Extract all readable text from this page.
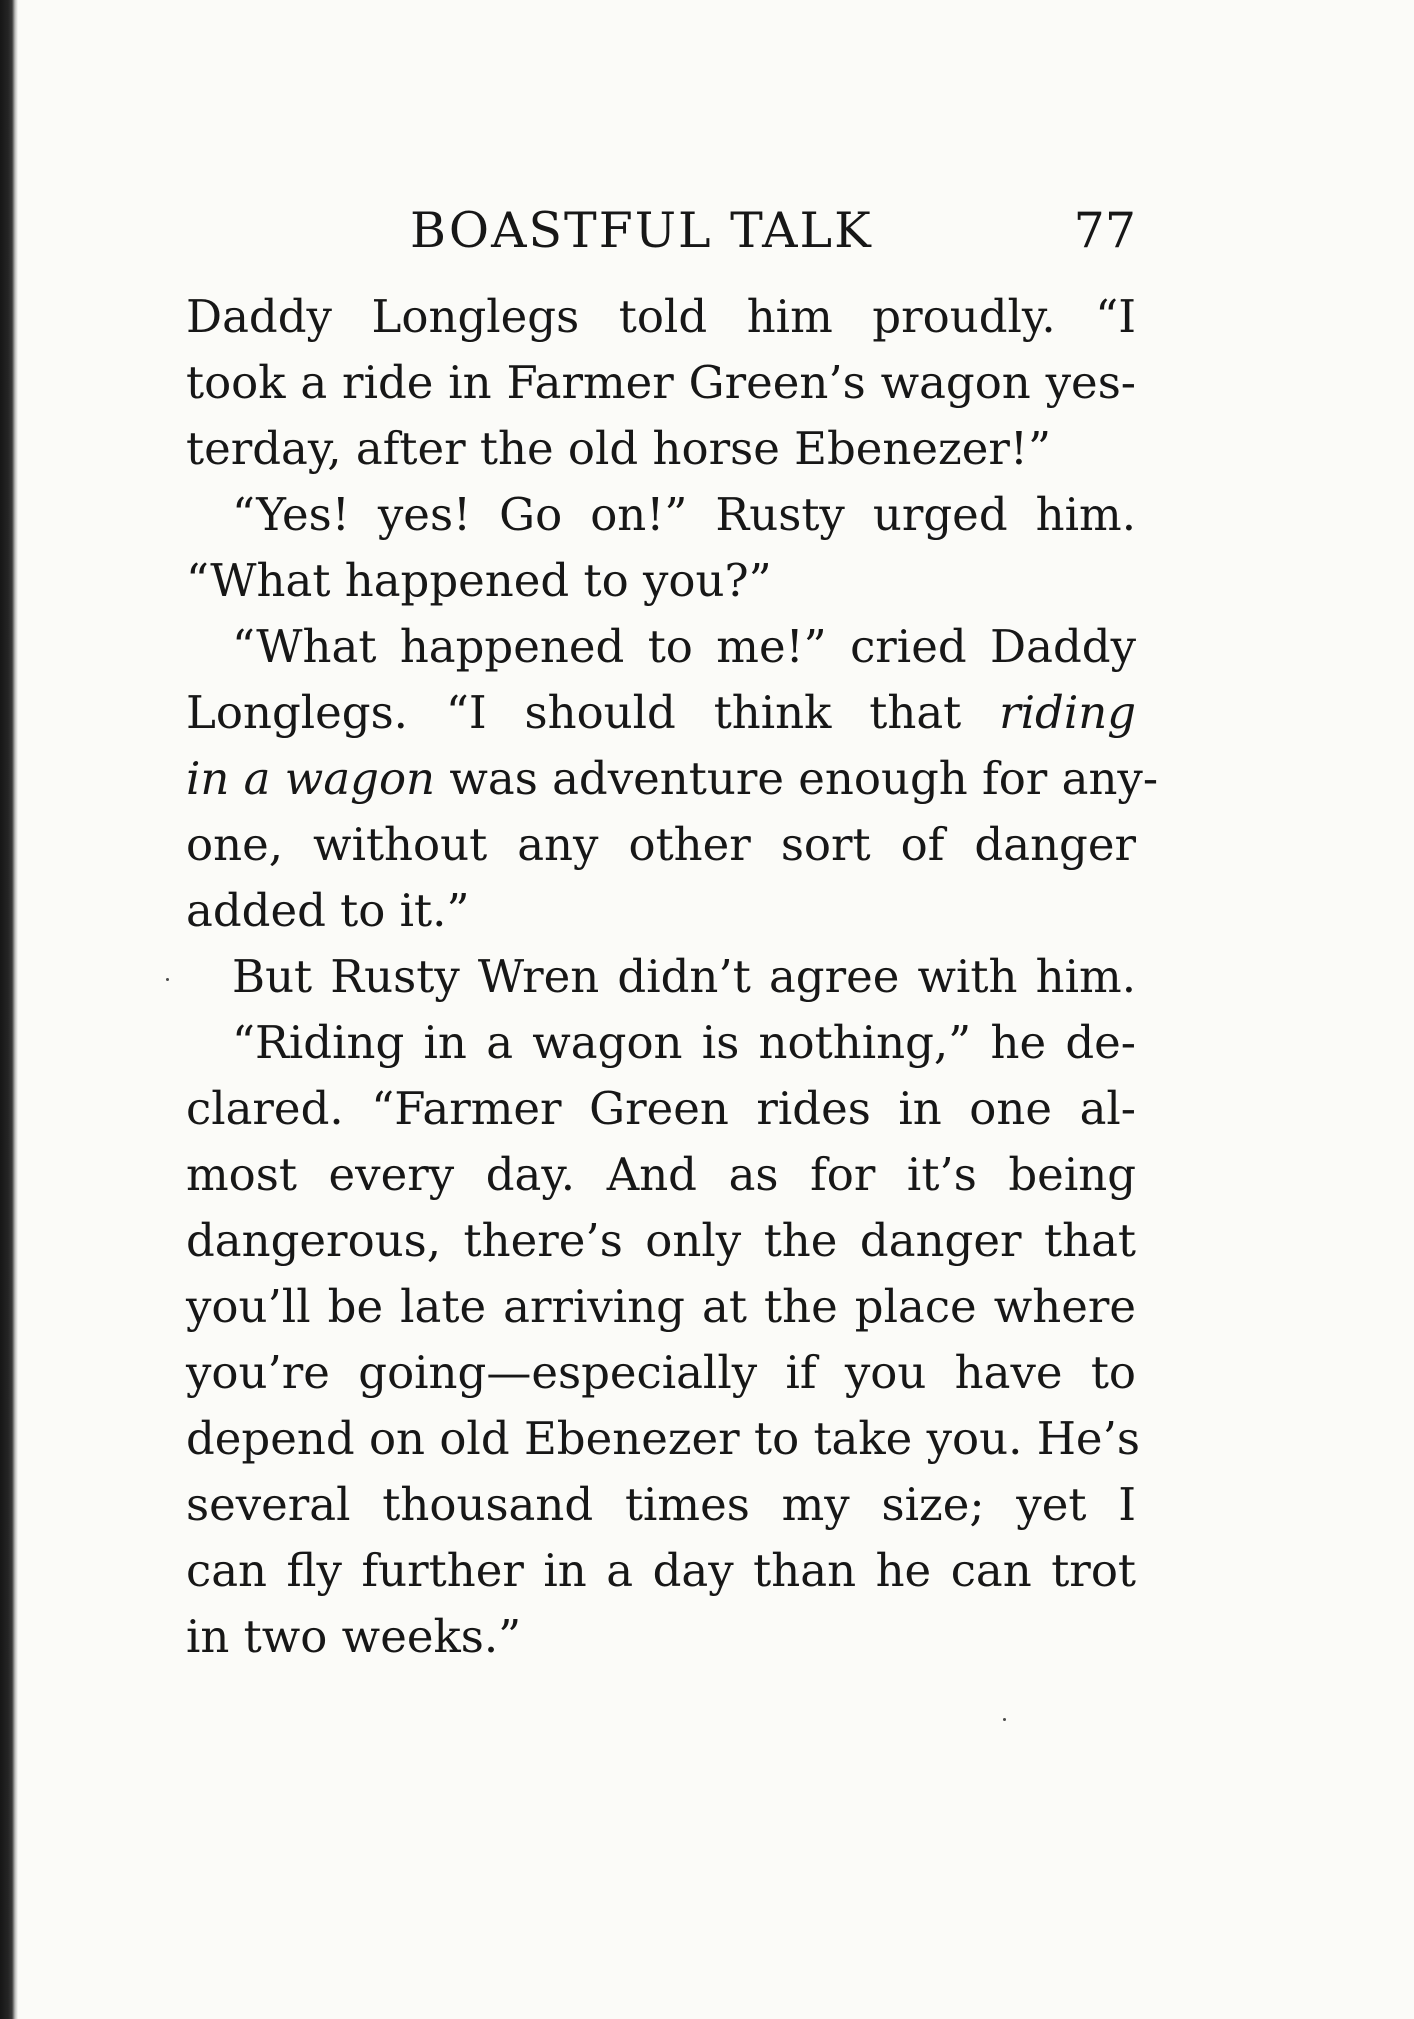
BOASTFUL TALK	77
Daddy Longlegs told him proudly. “I
took a ride in Farmer Green’s wagon yes-
terday, after the old horse Ebenezer!”
“Yes! yes! Go on!” Rusty urged him.
“What happened to you?”
“What happened to me!” cried Daddy
Longlegs. “I should think that riding
in a wagon was adventure enough for any-
one, without any other sort of danger
added to it.”
But Rusty Wren didn’t agree with him.
“Riding in a wagon is nothing,” he de-
clared. “Farmer Green rides in one al-
most every day. And as for it’s being
dangerous, there’s only the danger that
you’ll be late arriving at the place where
you’re going—especially if you have to
depend on old Ebenezer to take you. He’s
several thousand times my size; yet I
can fly further in a day than he can trot
in two weeks.”
